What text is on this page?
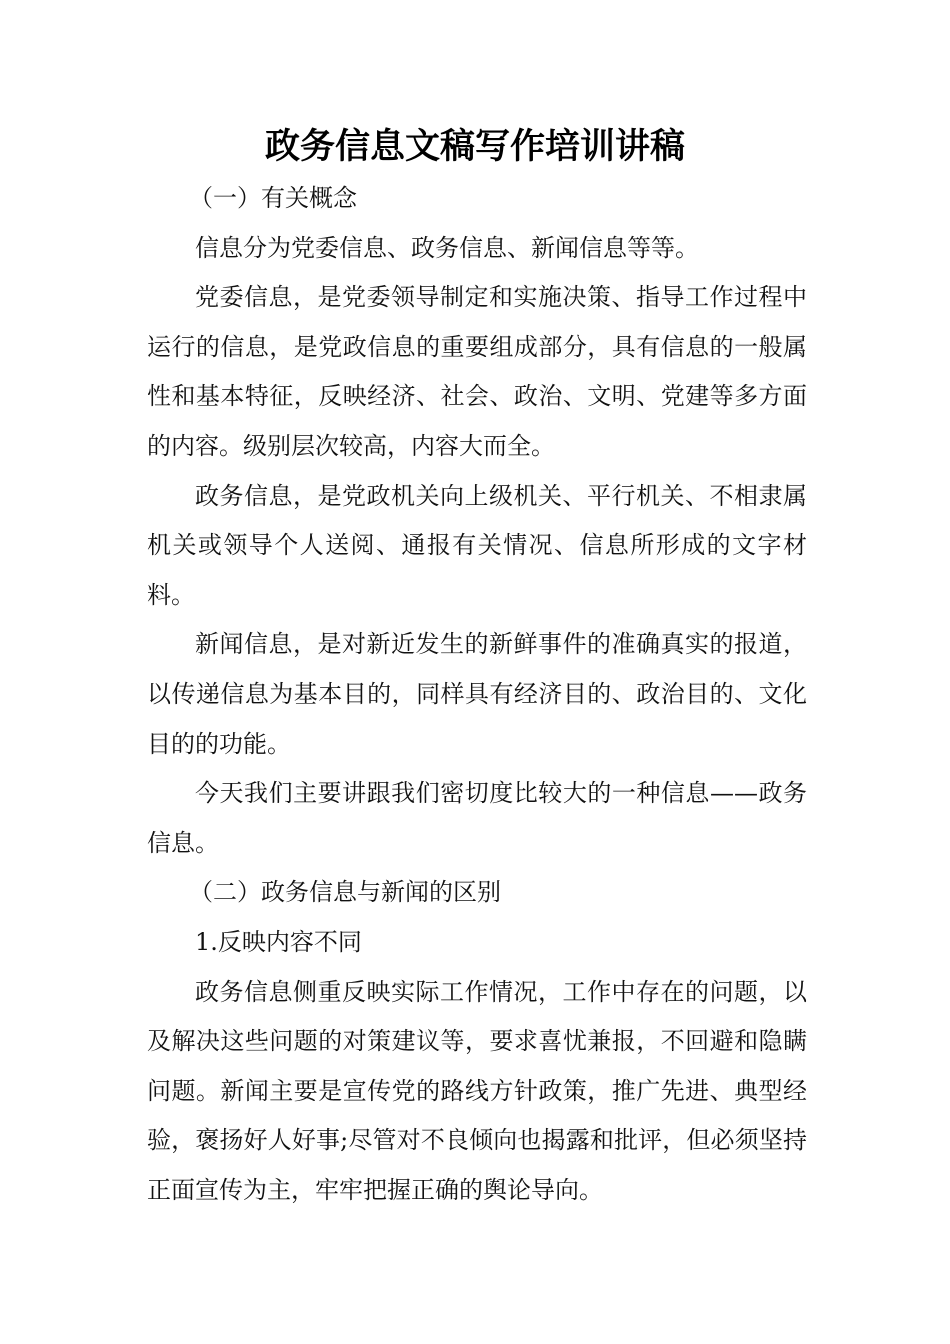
政务信息文稿写作培训讲稿

（一）有关概念

信息分为党委信息、政务信息、新闻信息等等。

党委信息，是党委领导制定和实施决策、指导工作过程中运行的信息，是党政信息的重要组成部分，具有信息的一般属性和基本特征，反映经济、社会、政治、文明、党建等多方面的内容。级别层次较高，内容大而全。

政务信息，是党政机关向上级机关、平行机关、不相隶属机关或领导个人送阅、通报有关情况、信息所形成的文字材料。

新闻信息，是对新近发生的新鲜事件的准确真实的报道，以传递信息为基本目的，同样具有经济目的、政治目的、文化目的的功能。

今天我们主要讲跟我们密切度比较大的一种信息——政务信息。

（二）政务信息与新闻的区别

1.反映内容不同

政务信息侧重反映实际工作情况，工作中存在的问题，以及解决这些问题的对策建议等，要求喜忧兼报，不回避和隐瞒问题。新闻主要是宣传党的路线方针政策，推广先进、典型经验，褒扬好人好事;尽管对不良倾向也揭露和批评，但必须坚持正面宣传为主，牢牢把握正确的舆论导向。
